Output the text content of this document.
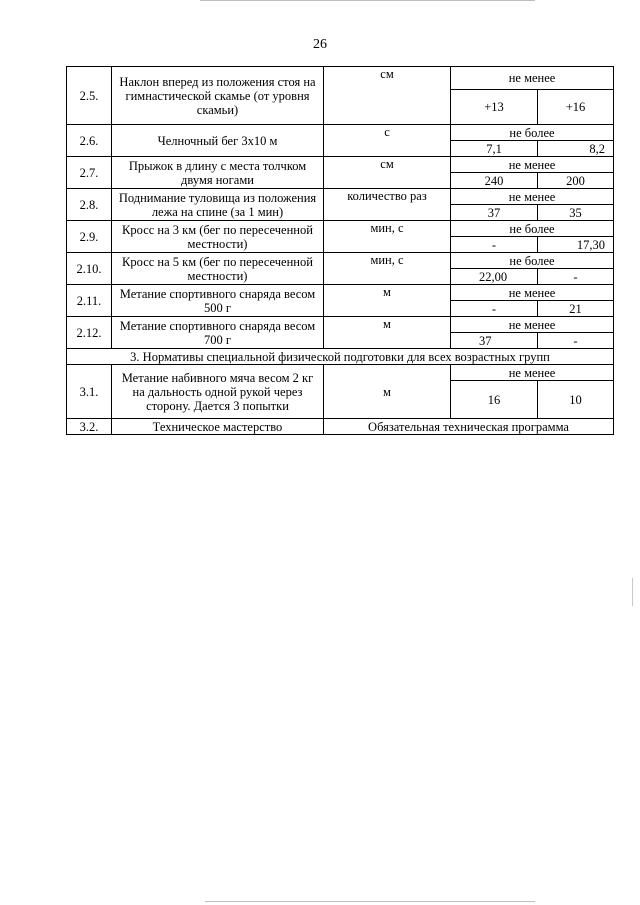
26
2.5.	Наклон вперед из положения стоя на гимнастической скамье (от уровня скамьи)	см	не менее	
			+13	+16
2.6.	Челночный бег 3х10 м	с	не более	
			7,1	8,2
2.7.	Прыжок в длину с места толчком двумя ногами	см	не менее	
			240	200
2.8.	Поднимание туловища из положения лежа на спине (за 1 мин)	количество раз	не менее	
			37	35
2.9.	Кросс на 3 км (бег по пересеченной местности)	мин, с	не более	
			-	17,30
2.10.	Кросс на 5 км (бег по пересеченной местности)	мин, с	не более	
			22,00	-
2.11.	Метание спортивного снаряда весом 500 г	м	не менее	
			-	21
2.12.	Метание спортивного снаряда весом 700 г	м	не менее	
			37	-
3. Нормативы специальной физической подготовки для всех возрастных групп				
3.1.	Метание набивного мяча весом 2 кг на дальность одной рукой через сторону. Дается 3 попытки	м	не менее	
			16	10
3.2.	Техническое мастерство	Обязательная техническая программа		
